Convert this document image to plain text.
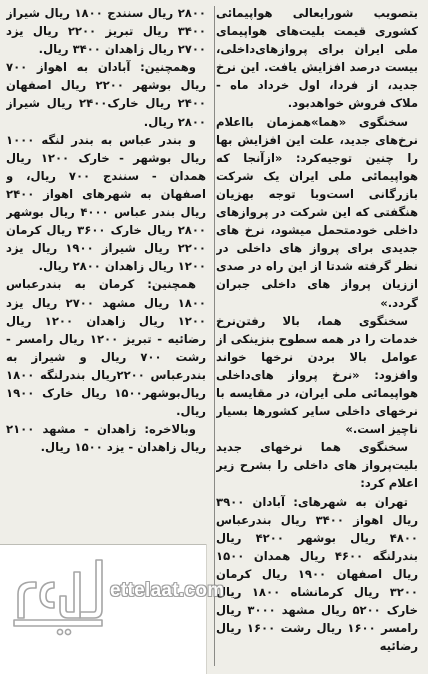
بتصویب شورایعالی هواپیمائی کشوری قیمت بلیت‌های هواپیمای ملی ایران برای پروازهای‌داخلی، بیست درصد افزایش یافت. این نرخ جدید، از فردا، اول خرداد ماه - ملاک فروش خواهدبود.

سخنگوی «هما»همزمان بااعلام نرخ‌های جدید، علت این افزایش بها را چنین توجیه‌کرد: «ازآنجا که هواپیمائی ملی ایران یک شرکت بازرگانی است‌وبا توجه بهزیان هنگفتی که این شرکت در پروازهای داخلی خودمتحمل میشود، نرخ های جدیدی برای پرواز های داخلی در نظر گرفته شدتا از این راه در صدی اززیان پرواز های داخلی جبران گردد.»

سخنگوی هما، بالا رفتن‌نرخ خدمات را در همه سطوح بنزینکی از عوامل بالا بردن نرخها خواند وافزود: «نرخ پرواز های‌داخلی هواپیمائی ملی ایران، در مقایسه با نرخهای داخلی سایر کشورها بسیار ناچیز است.»

سخنگوی هما نرخهای جدید بلیت‌پرواز های داخلی را بشرح زیر اعلام کرد:

تهران به شهرهای: آبادان ۳۹۰۰ ریال اهواز ۳۴۰۰ ریال بندرعباس ۴۸۰۰ ریال بوشهر ۴۲۰۰ ریال بندرلنگه ۴۶۰۰ ریال همدان ۱۵۰۰ ریال اصفهان ۱۹۰۰ ریال کرمان ۳۲۰۰ ریال کرمانشاه ۱۸۰۰ ریال خارک ۵۲۰۰ ریال مشهد ۳۰۰۰ ریال رامسر ۱۶۰۰ ریال رشت ۱۶۰۰ ریال رضائیه

۲۸۰۰ ریال سنندج ۱۸۰۰ ریال شیراز ۳۴۰۰ ریال تبریز ۲۲۰۰ ریال یزد ۲۷۰۰ ریال زاهدان ۳۴۰۰ ریال.

وهمچنین: آبادان به اهواز ۷۰۰ ریال بوشهر ۲۲۰۰ ریال اصفهان ۲۴۰۰ ریال خارک۲۴۰۰ ریال شیراز ۲۸۰۰ ریال.

و بندر عباس به بندر لنگه ۱۰۰۰ ریال بوشهر - خارک ۱۲۰۰ ریال همدان - سنندج ۷۰۰ ریال، و اصفهان به شهرهای اهواز ۲۴۰۰ ریال بندر عباس ۴۰۰۰ ریال بوشهر ۲۸۰۰ ریال خارک ۳۶۰۰ ریال کرمان ۲۲۰۰ ریال شیراز ۱۹۰۰ ریال یزد ۱۲۰۰ ریال زاهدان ۲۸۰۰ ریال.

همچنین: کرمان به بندرعباس ۱۸۰۰ ریال مشهد ۲۷۰۰ ریال یزد ۱۲۰۰ ریال زاهدان ۱۲۰۰ ریال رضائیه - تبریز ۱۲۰۰ ریال رامسر - رشت ۷۰۰ ریال و شیراز به بندرعباس ۲۲۰۰ریال بندرلنگه ۱۸۰۰ ریال‌بوشهر۱۵۰۰ ریال خارک ۱۹۰۰ ریال.

وبالاخره: زاهدان - مشهد ۲۱۰۰ ریال زاهدان - یزد ۱۵۰۰ ریال.

ettelaat.com
